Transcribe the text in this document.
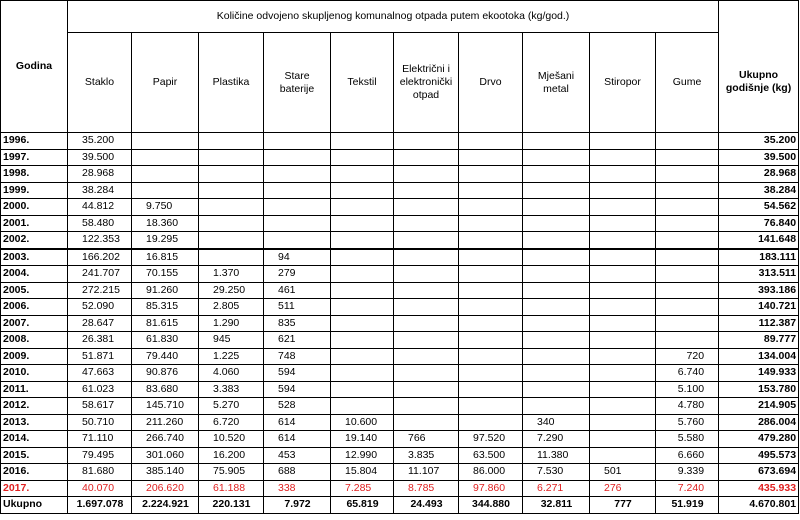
Godina	Količine odvojeno skupljenog komunalnog otpada putem ekootoka (kg/god.)										
	Staklo	Papir	Plastika	Stare baterije	Tekstil	Električni i elektronički otpad	Drvo	Mješani metal	Stiropor	Gume	Ukupno godišnje (kg)
1996.	35.200										35.200
1997.	39.500										39.500
1998.	28.968										28.968
1999.	38.284										38.284
2000.	44.812	9.750									54.562
2001.	58.480	18.360									76.840
2002.	122.353	19.295									141.648
2003.	166.202	16.815		94							183.111
2004.	241.707	70.155	1.370	279							313.511
2005.	272.215	91.260	29.250	461							393.186
2006.	52.090	85.315	2.805	511							140.721
2007.	28.647	81.615	1.290	835							112.387
2008.	26.381	61.830	945	621							89.777
2009.	51.871	79.440	1.225	748						720	134.004
2010.	47.663	90.876	4.060	594						6.740	149.933
2011.	61.023	83.680	3.383	594						5.100	153.780
2012.	58.617	145.710	5.270	528						4.780	214.905
2013.	50.710	211.260	6.720	614	10.600			340		5.760	286.004
2014.	71.110	266.740	10.520	614	19.140	766	97.520	7.290		5.580	479.280
2015.	79.495	301.060	16.200	453	12.990	3.835	63.500	11.380		6.660	495.573
2016.	81.680	385.140	75.905	688	15.804	11.107	86.000	7.530	501	9.339	673.694
2017.	40.070	206.620	61.188	338	7.285	8.785	97.860	6.271	276	7.240	435.933
Ukupno	1.697.078	2.224.921	220.131	7.972	65.819	24.493	344.880	32.811	777	51.919	4.670.801
